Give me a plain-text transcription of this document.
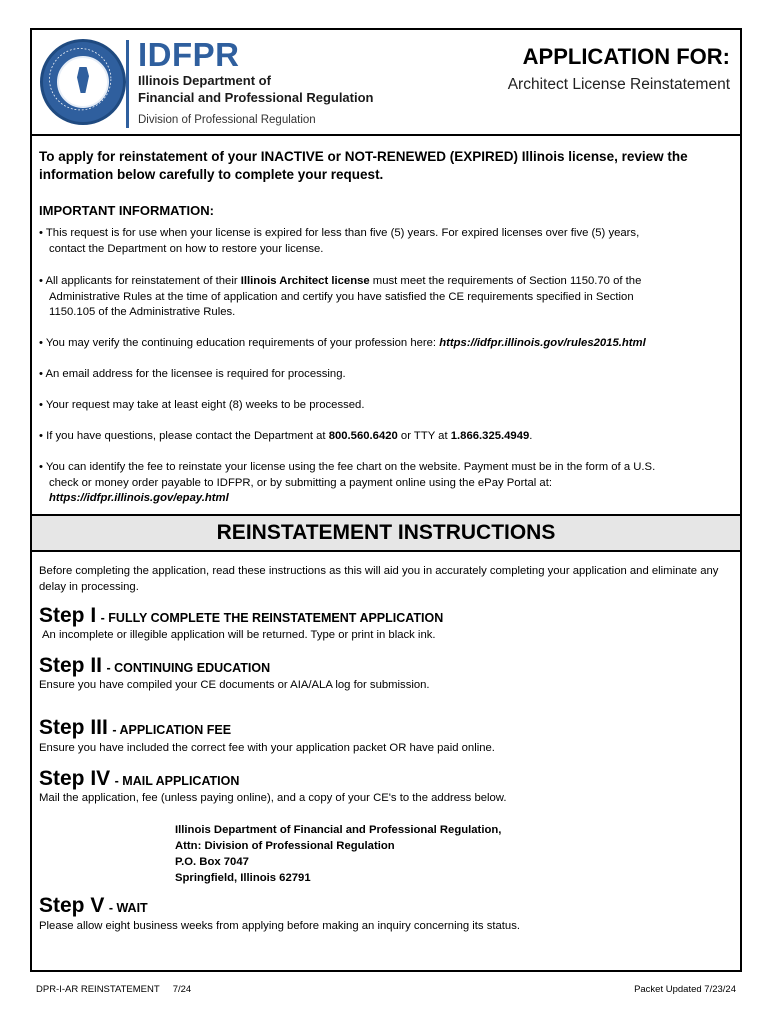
IDFPR
Illinois Department of
Financial and Professional Regulation
Division of Professional Regulation
APPLICATION FOR:
Architect License Reinstatement
To apply for reinstatement of your INACTIVE or NOT-RENEWED (EXPIRED) Illinois license, review the information below carefully to complete your request.
IMPORTANT INFORMATION:
• This request is for use when your license is expired for less than five (5) years. For expired licenses over five (5) years,
contact the Department on how to restore your license.
• All applicants for reinstatement of their Illinois Architect license must meet the requirements of Section 1150.70 of the
Administrative Rules at the time of application and certify you have satisfied the CE requirements specified in Section
1150.105 of the Administrative Rules.
• You may verify the continuing education requirements of your profession here: https://idfpr.illinois.gov/rules2015.html
• An email address for the licensee is required for processing.
• Your request may take at least eight (8) weeks to be processed.
• If you have questions, please contact the Department at 800.560.6420 or TTY at 1.866.325.4949.
• You can identify the fee to reinstate your license using the fee chart on the website. Payment must be in the form of a U.S.
check or money order payable to IDFPR, or by submitting a payment online using the ePay Portal at:
https://idfpr.illinois.gov/epay.html
REINSTATEMENT INSTRUCTIONS
Before completing the application, read these instructions as this will aid you in accurately completing your application and eliminate any delay in processing.
Step I - FULLY COMPLETE THE REINSTATEMENT APPLICATION
An incomplete or illegible application will be returned. Type or print in black ink.
Step II - CONTINUING EDUCATION
Ensure you have compiled your CE documents or AIA/ALA log for submission.
Step III - APPLICATION FEE
Ensure you have included the correct fee with your application packet OR have paid online.
Step IV - MAIL APPLICATION
Mail the application, fee (unless paying online), and a copy of your CE's to the address below.
Illinois Department of Financial and Professional Regulation,
Attn: Division of Professional Regulation
P.O. Box 7047
Springfield, Illinois 62791
Step V - WAIT
Please allow eight business weeks from applying before making an inquiry concerning its status.
DPR-I-AR REINSTATEMENT     7/24	Packet Updated 7/23/24
